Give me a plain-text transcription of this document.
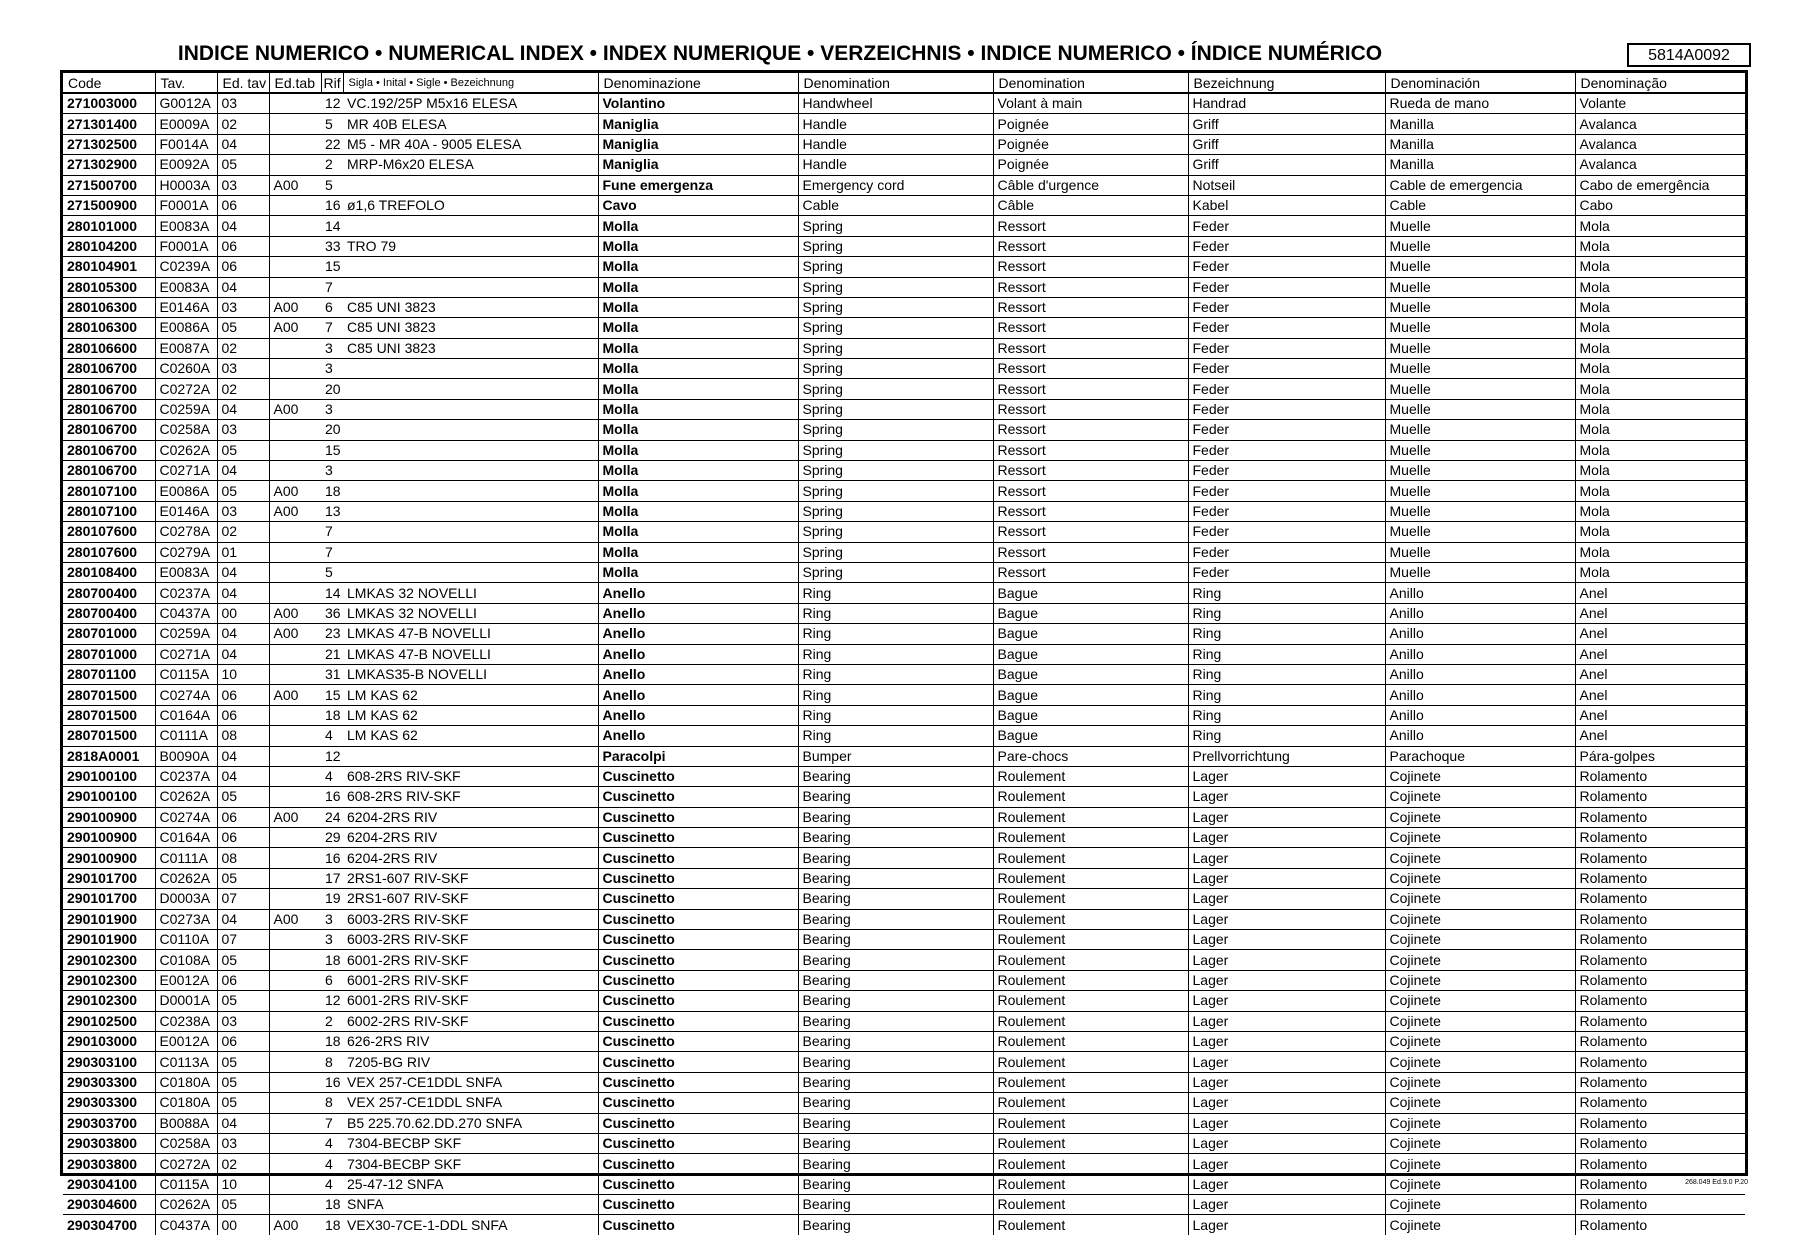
INDICE NUMERICO • NUMERICAL INDEX • INDEX NUMERIQUE • VERZEICHNIS • INDICE NUMERICO • ÍNDICE NUMÉRICO	5814A0092
Code	Tav.	Ed. tav	Ed.tab	Rif	Sigla • Inital • Sigle • Bezeichnung	Denominazione	Denomination	Denomination	Bezeichnung	Denominación	Denominação
271003000	G0012A	03		12	VC.192/25P M5x16 ELESA	Volantino	Handwheel	Volant à main	Handrad	Rueda de mano	Volante
271301400	E0009A	02		5	MR 40B ELESA	Maniglia	Handle	Poignée	Griff	Manilla	Avalanca
271302500	F0014A	04		22	M5 - MR 40A - 9005 ELESA	Maniglia	Handle	Poignée	Griff	Manilla	Avalanca
271302900	E0092A	05		2	MRP-M6x20 ELESA	Maniglia	Handle	Poignée	Griff	Manilla	Avalanca
271500700	H0003A	03	A00	5		Fune emergenza	Emergency cord	Câble d'urgence	Notseil	Cable de emergencia	Cabo de emergência
271500900	F0001A	06		16	ø1,6 TREFOLO	Cavo	Cable	Câble	Kabel	Cable	Cabo
280101000	E0083A	04		14		Molla	Spring	Ressort	Feder	Muelle	Mola
280104200	F0001A	06		33	TRO 79	Molla	Spring	Ressort	Feder	Muelle	Mola
280104901	C0239A	06		15		Molla	Spring	Ressort	Feder	Muelle	Mola
280105300	E0083A	04		7		Molla	Spring	Ressort	Feder	Muelle	Mola
280106300	E0146A	03	A00	6	C85 UNI 3823	Molla	Spring	Ressort	Feder	Muelle	Mola
280106300	E0086A	05	A00	7	C85 UNI 3823	Molla	Spring	Ressort	Feder	Muelle	Mola
280106600	E0087A	02		3	C85 UNI 3823	Molla	Spring	Ressort	Feder	Muelle	Mola
280106700	C0260A	03		3		Molla	Spring	Ressort	Feder	Muelle	Mola
280106700	C0272A	02		20		Molla	Spring	Ressort	Feder	Muelle	Mola
280106700	C0259A	04	A00	3		Molla	Spring	Ressort	Feder	Muelle	Mola
280106700	C0258A	03		20		Molla	Spring	Ressort	Feder	Muelle	Mola
280106700	C0262A	05		15		Molla	Spring	Ressort	Feder	Muelle	Mola
280106700	C0271A	04		3		Molla	Spring	Ressort	Feder	Muelle	Mola
280107100	E0086A	05	A00	18		Molla	Spring	Ressort	Feder	Muelle	Mola
280107100	E0146A	03	A00	13		Molla	Spring	Ressort	Feder	Muelle	Mola
280107600	C0278A	02		7		Molla	Spring	Ressort	Feder	Muelle	Mola
280107600	C0279A	01		7		Molla	Spring	Ressort	Feder	Muelle	Mola
280108400	E0083A	04		5		Molla	Spring	Ressort	Feder	Muelle	Mola
280700400	C0237A	04		14	LMKAS 32 NOVELLI	Anello	Ring	Bague	Ring	Anillo	Anel
280700400	C0437A	00	A00	36	LMKAS 32 NOVELLI	Anello	Ring	Bague	Ring	Anillo	Anel
280701000	C0259A	04	A00	23	LMKAS 47-B NOVELLI	Anello	Ring	Bague	Ring	Anillo	Anel
280701000	C0271A	04		21	LMKAS 47-B NOVELLI	Anello	Ring	Bague	Ring	Anillo	Anel
280701100	C0115A	10		31	LMKAS35-B NOVELLI	Anello	Ring	Bague	Ring	Anillo	Anel
280701500	C0274A	06	A00	15	LM KAS 62	Anello	Ring	Bague	Ring	Anillo	Anel
280701500	C0164A	06		18	LM KAS 62	Anello	Ring	Bague	Ring	Anillo	Anel
280701500	C0111A	08		4	LM KAS 62	Anello	Ring	Bague	Ring	Anillo	Anel
2818A0001	B0090A	04		12		Paracolpi	Bumper	Pare-chocs	Prellvorrichtung	Parachoque	Pára-golpes
290100100	C0237A	04		4	608-2RS RIV-SKF	Cuscinetto	Bearing	Roulement	Lager	Cojinete	Rolamento
290100100	C0262A	05		16	608-2RS RIV-SKF	Cuscinetto	Bearing	Roulement	Lager	Cojinete	Rolamento
290100900	C0274A	06	A00	24	6204-2RS RIV	Cuscinetto	Bearing	Roulement	Lager	Cojinete	Rolamento
290100900	C0164A	06		29	6204-2RS RIV	Cuscinetto	Bearing	Roulement	Lager	Cojinete	Rolamento
290100900	C0111A	08		16	6204-2RS RIV	Cuscinetto	Bearing	Roulement	Lager	Cojinete	Rolamento
290101700	C0262A	05		17	2RS1-607 RIV-SKF	Cuscinetto	Bearing	Roulement	Lager	Cojinete	Rolamento
290101700	D0003A	07		19	2RS1-607 RIV-SKF	Cuscinetto	Bearing	Roulement	Lager	Cojinete	Rolamento
290101900	C0273A	04	A00	3	6003-2RS RIV-SKF	Cuscinetto	Bearing	Roulement	Lager	Cojinete	Rolamento
290101900	C0110A	07		3	6003-2RS RIV-SKF	Cuscinetto	Bearing	Roulement	Lager	Cojinete	Rolamento
290102300	C0108A	05		18	6001-2RS RIV-SKF	Cuscinetto	Bearing	Roulement	Lager	Cojinete	Rolamento
290102300	E0012A	06		6	6001-2RS RIV-SKF	Cuscinetto	Bearing	Roulement	Lager	Cojinete	Rolamento
290102300	D0001A	05		12	6001-2RS RIV-SKF	Cuscinetto	Bearing	Roulement	Lager	Cojinete	Rolamento
290102500	C0238A	03		2	6002-2RS RIV-SKF	Cuscinetto	Bearing	Roulement	Lager	Cojinete	Rolamento
290103000	E0012A	06		18	626-2RS RIV	Cuscinetto	Bearing	Roulement	Lager	Cojinete	Rolamento
290303100	C0113A	05		8	7205-BG RIV	Cuscinetto	Bearing	Roulement	Lager	Cojinete	Rolamento
290303300	C0180A	05		16	VEX 257-CE1DDL SNFA	Cuscinetto	Bearing	Roulement	Lager	Cojinete	Rolamento
290303300	C0180A	05		8	VEX 257-CE1DDL SNFA	Cuscinetto	Bearing	Roulement	Lager	Cojinete	Rolamento
290303700	B0088A	04		7	B5 225.70.62.DD.270 SNFA	Cuscinetto	Bearing	Roulement	Lager	Cojinete	Rolamento
290303800	C0258A	03		4	7304-BECBP SKF	Cuscinetto	Bearing	Roulement	Lager	Cojinete	Rolamento
290303800	C0272A	02		4	7304-BECBP SKF	Cuscinetto	Bearing	Roulement	Lager	Cojinete	Rolamento
290304100	C0115A	10		4	25-47-12 SNFA	Cuscinetto	Bearing	Roulement	Lager	Cojinete	Rolamento
290304600	C0262A	05		18	SNFA	Cuscinetto	Bearing	Roulement	Lager	Cojinete	Rolamento
290304700	C0437A	00	A00	18	VEX30-7CE-1-DDL SNFA	Cuscinetto	Bearing	Roulement	Lager	Cojinete	Rolamento
268.049 Ed.9.0 P.20
